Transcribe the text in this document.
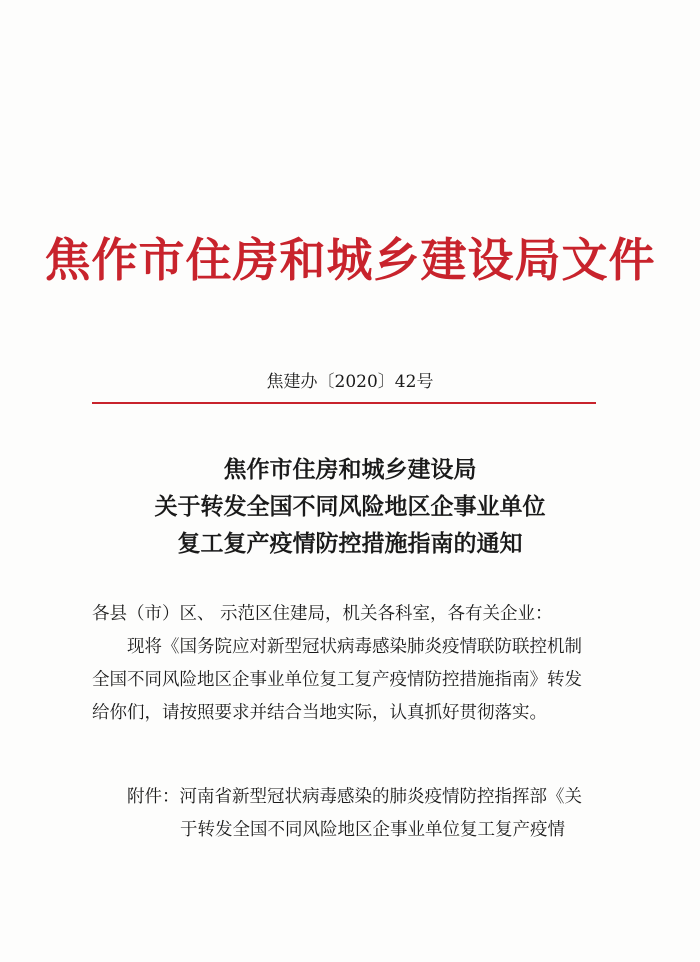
焦作市住房和城乡建设局文件
焦建办〔2020〕42号
焦作市住房和城乡建设局
关于转发全国不同风险地区企事业单位
复工复产疫情防控措施指南的通知

各县（市）区、 示范区住建局，机关各科室，各有关企业：

现将《国务院应对新型冠状病毒感染肺炎疫情联防联控机制

全国不同风险地区企事业单位复工复产疫情防控措施指南》转发

给你们，请按照要求并结合当地实际，认真抓好贯彻落实。

附件：河南省新型冠状病毒感染的肺炎疫情防控指挥部《关

于转发全国不同风险地区企事业单位复工复产疫情
